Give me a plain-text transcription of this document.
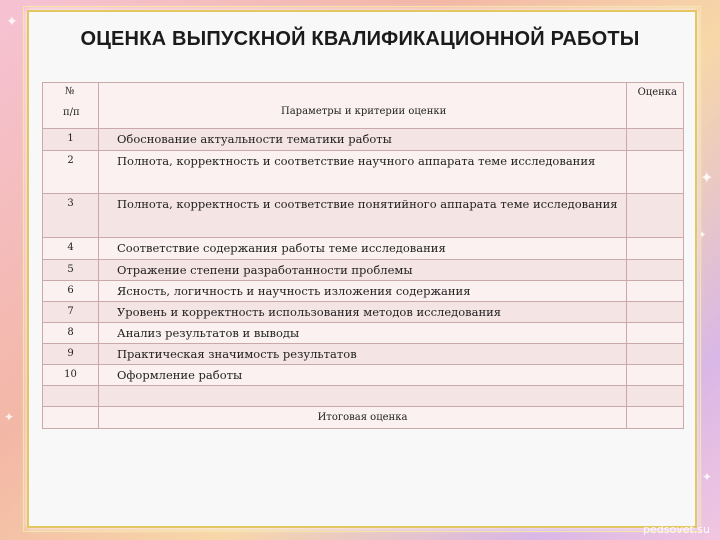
✦
✦
✦
✦
✦
ОЦЕНКА ВЫПУСКНОЙ КВАЛИФИКАЦИОННОЙ РАБОТЫ
№
п/п	Параметры и критерии оценки	Оценка

1	Обоснование актуальности тематики работы	
2	Полнота, корректность и соответствие научного аппарата теме исследования	
3	Полнота, корректность и соответствие понятийного аппарата теме исследования	
4	Соответствие содержания работы теме исследования	
5	Отражение степени разработанности проблемы	
6	Ясность, логичность и научность изложения содержания	
7	Уровень и корректность использования методов исследования	
8	Анализ результатов и выводы	
9	Практическая значимость результатов	
10	Оформление работы	

	Итоговая оценка	
pedsovet.su
